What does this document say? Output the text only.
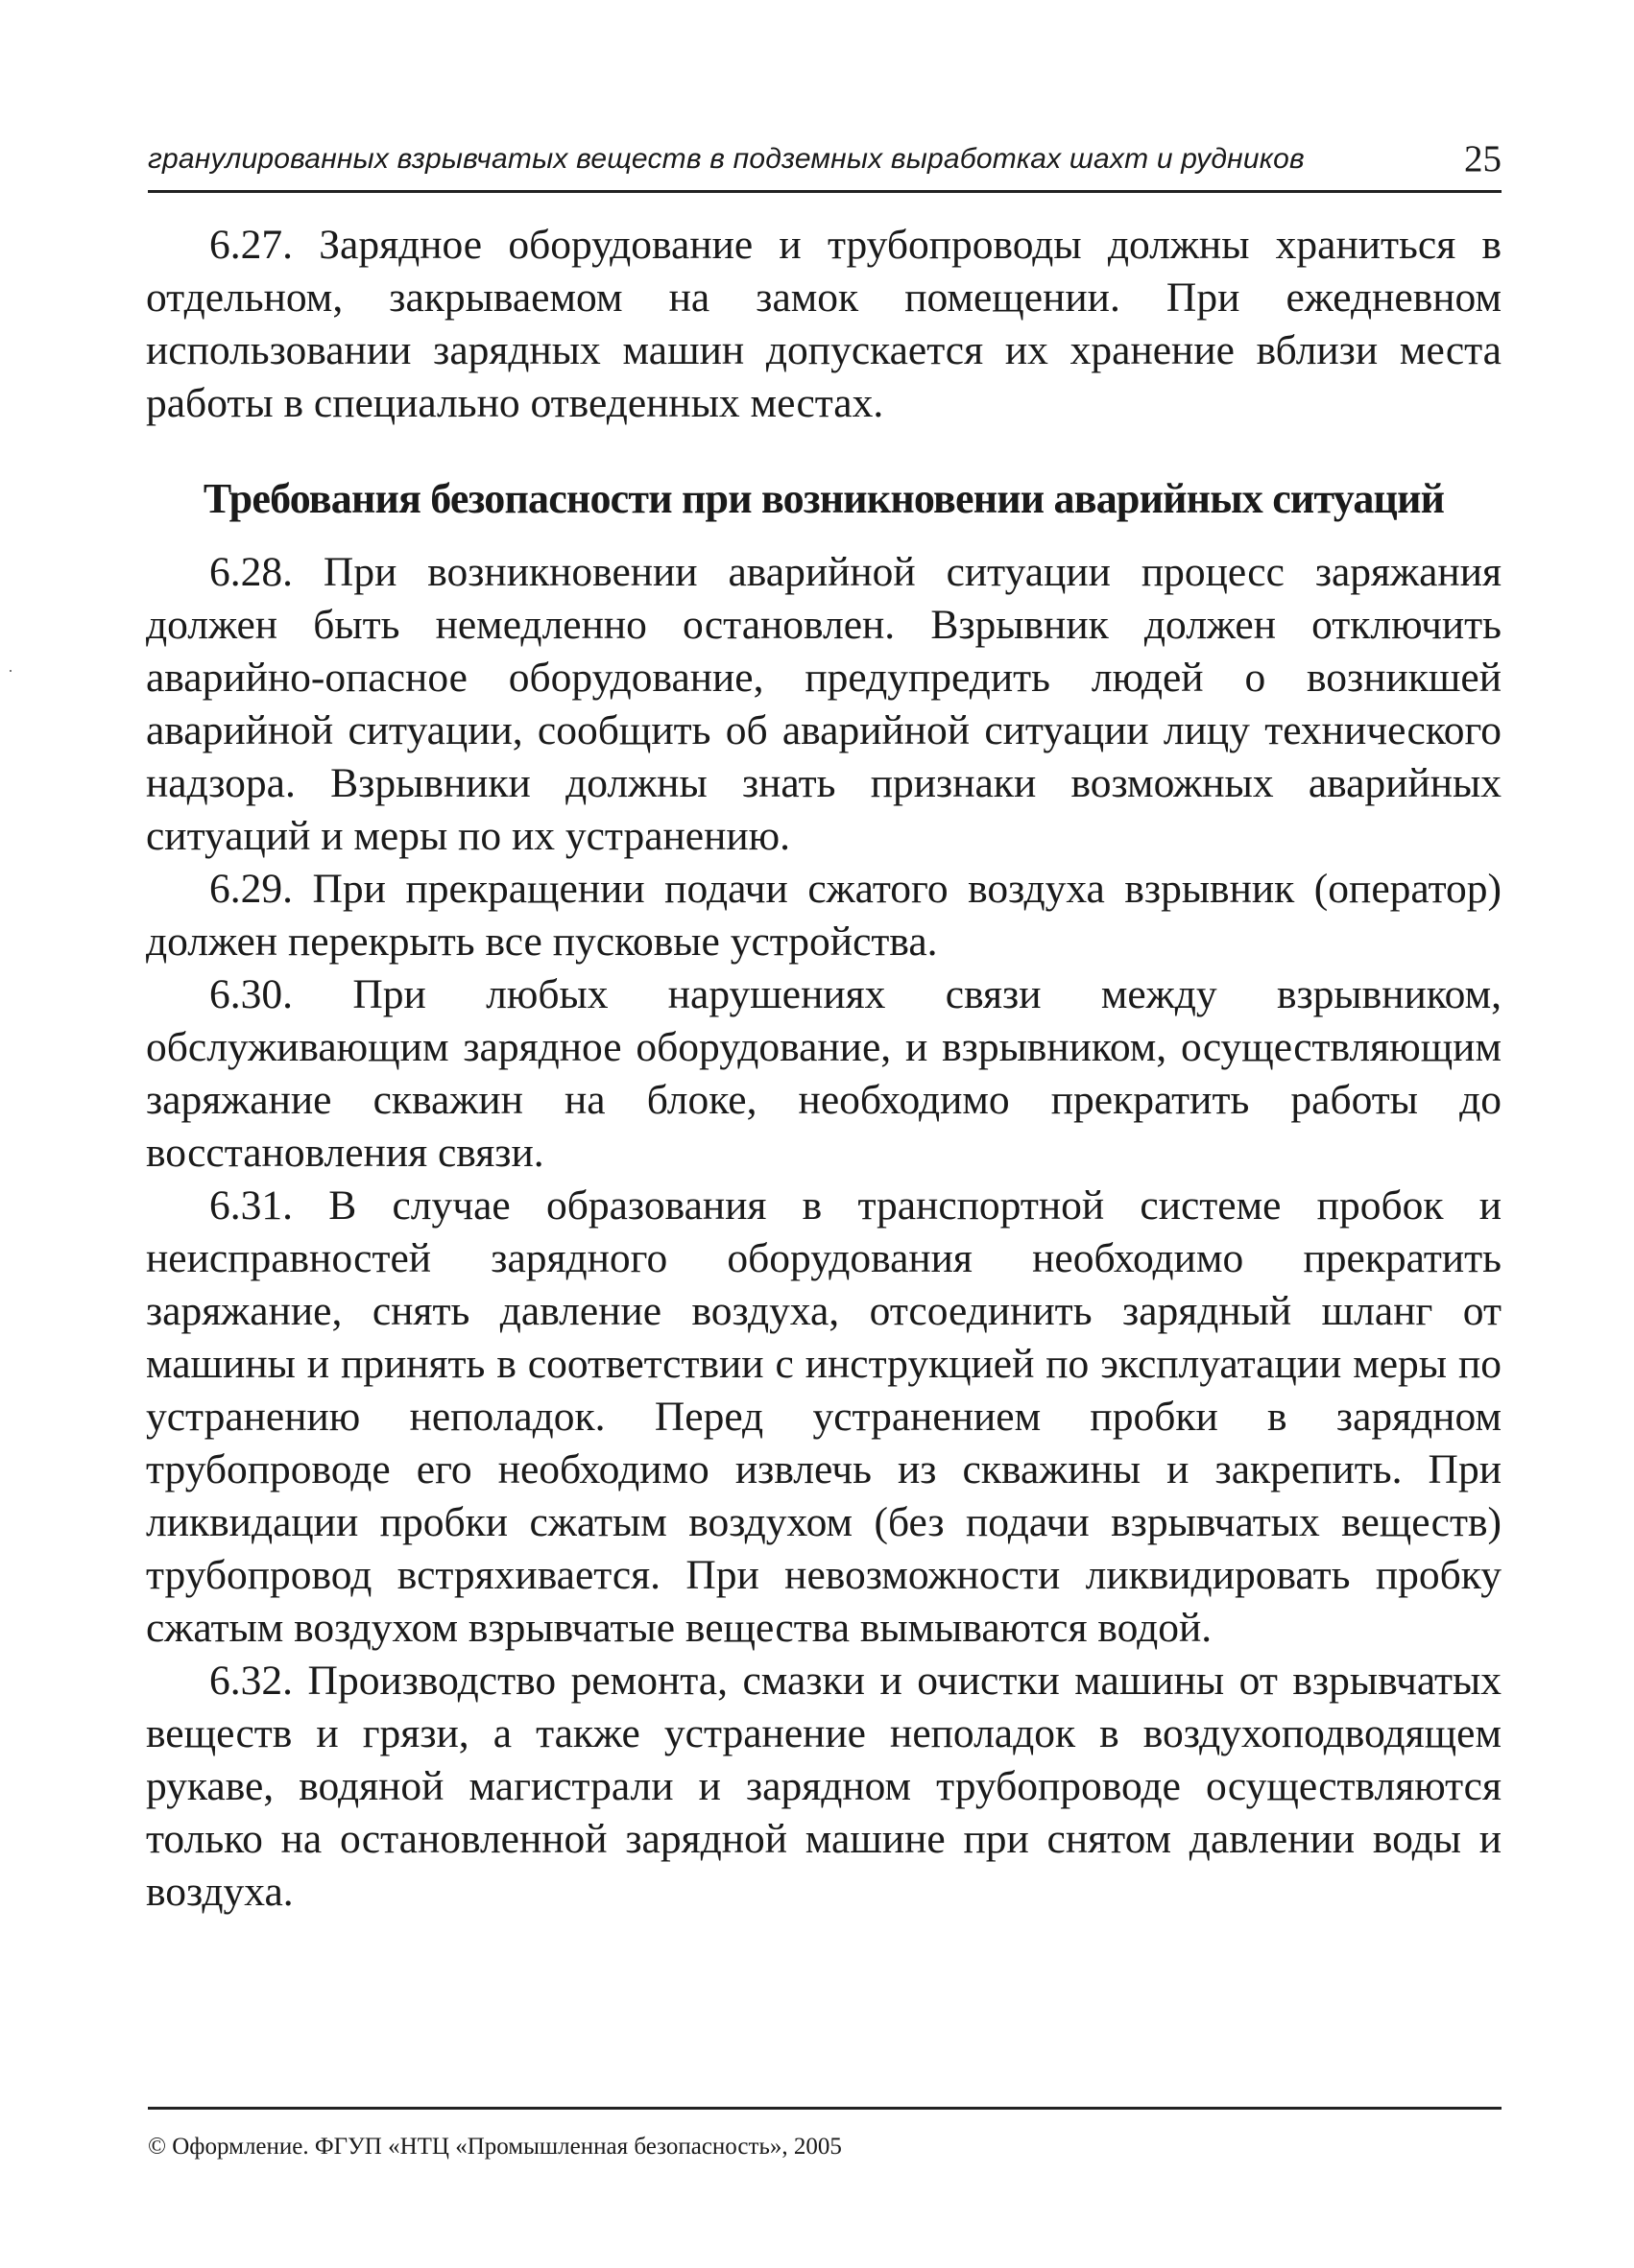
гранулированных взрывчатых веществ в подземных выработках шахт и рудников	25

6.27. Зарядное оборудование и трубопроводы должны храниться в отдельном, закрываемом на замок помещении. При ежедневном использовании зарядных машин допускается их хранение вблизи места работы в специально отведенных местах.

Требования безопасности при возникновении аварийных ситуаций

6.28. При возникновении аварийной ситуации процесс заряжания должен быть немедленно остановлен. Взрывник должен отключить аварийно-опасное оборудование, предупредить людей о возникшей аварийной ситуации, сообщить об аварийной ситуации лицу технического надзора. Взрывники должны знать признаки возможных аварийных ситуаций и меры по их устранению.

6.29. При прекращении подачи сжатого воздуха взрывник (оператор) должен перекрыть все пусковые устройства.

6.30. При любых нарушениях связи между взрывником, обслуживающим зарядное оборудование, и взрывником, осуществляющим заряжание скважин на блоке, необходимо прекратить работы до восстановления связи.

6.31. В случае образования в транспортной системе пробок и неисправностей зарядного оборудования необходимо прекратить заряжание, снять давление воздуха, отсоединить зарядный шланг от машины и принять в соответствии с инструкцией по эксплуатации меры по устранению неполадок. Перед устранением пробки в зарядном трубопроводе его необходимо извлечь из скважины и закрепить. При ликвидации пробки сжатым воздухом (без подачи взрывчатых веществ) трубопровод встряхивается. При невозможности ликвидировать пробку сжатым воздухом взрывчатые вещества вымываются водой.

6.32. Производство ремонта, смазки и очистки машины от взрывчатых веществ и грязи, а также устранение неполадок в воздухоподводящем рукаве, водяной магистрали и зарядном трубопроводе осуществляются только на остановленной зарядной машине при снятом давлении воды и воздуха.

© Оформление. ФГУП «НТЦ «Промышленная безопасность», 2005
